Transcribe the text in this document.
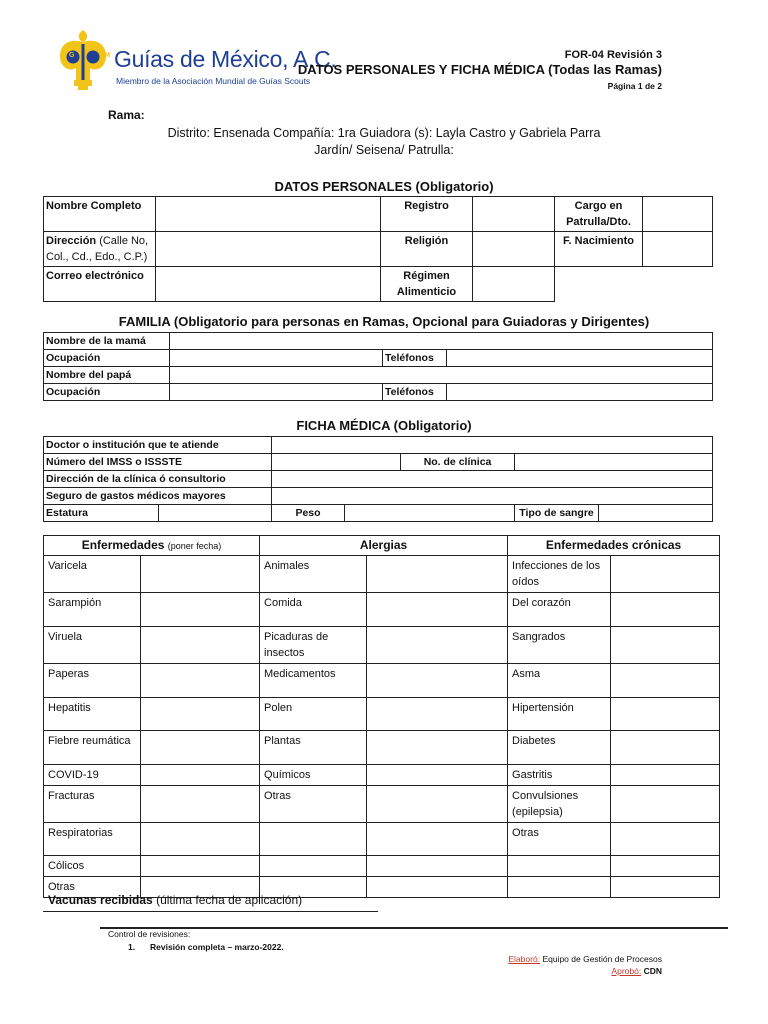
G M
Guías de México, A.C.
Miembro de la Asociación Mundial de Guías Scouts
FOR-04 Revisión 3
DATOS PERSONALES Y FICHA MÉDICA (Todas las Ramas)
Página 1 de 2
Rama:
Distrito: Ensenada Compañía: 1ra Guiadora (s): Layla Castro y Gabriela Parra
Jardín/ Seisena/ Patrulla:
DATOS PERSONALES (Obligatorio)
Nombre Completo		Registro		Cargo en Patrulla/Dto.	
Dirección (Calle No, Col., Cd., Edo., C.P.)		Religión		F. Nacimiento	
Correo electrónico		Régimen Alimenticio			
FAMILIA (Obligatorio para personas en Ramas, Opcional para Guiadoras y Dirigentes)
Nombre de la mamá			
Ocupación		Teléfonos	
Nombre del papá			
Ocupación		Teléfonos	
FICHA MÉDICA (Obligatorio)
Doctor o institución que te atiende						
Número del IMSS o ISSSTE				No. de clínica		
Dirección de la clínica ó consultorio						
Seguro de gastos médicos mayores						
Estatura		Peso			Tipo de sangre	
Enfermedades (poner fecha)		Alergias		Enfermedades crónicas	
Varicela		Animales		Infecciones de los oídos	
Sarampión		Comida		Del corazón	
Viruela		Picaduras de insectos		Sangrados	
Paperas		Medicamentos		Asma	
Hepatitis		Polen		Hipertensión	
Fiebre reumática		Plantas		Diabetes	
COVID-19		Químicos		Gastritis	
Fracturas		Otras		Convulsiones (epilepsia)	
Respiratorias				Otras	
Cólicos					
Otras					
Vacunas recibidas (última fecha de aplicación)
Control de revisiones:
1. Revisión completa – marzo-2022.
Elaboró: Equipo de Gestión de Procesos
Aprobó: CDN
